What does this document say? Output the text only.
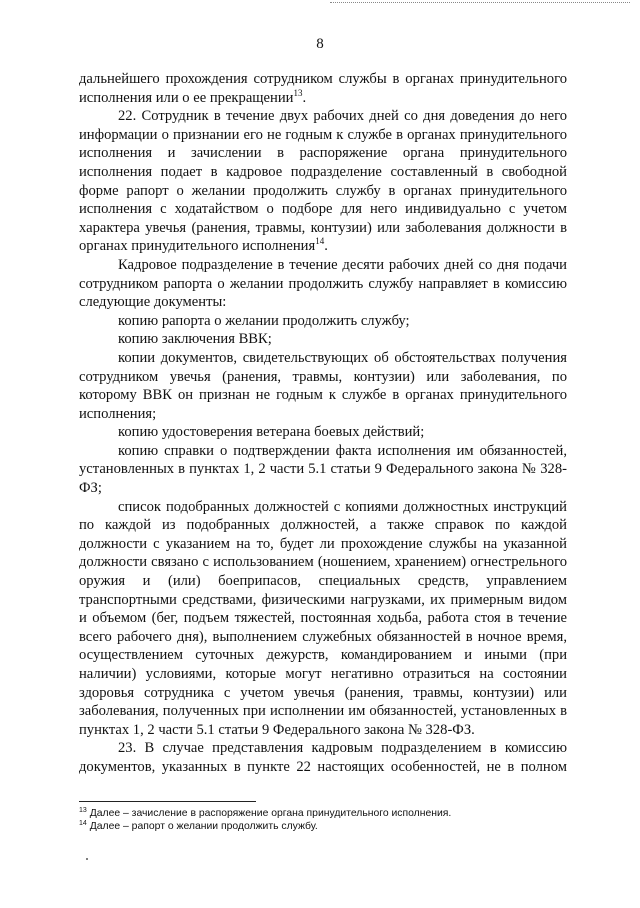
8

дальнейшего прохождения сотрудником службы в органах принудительного исполнения или о ее прекращении$^{13}$.

22. Сотрудник в течение двух рабочих дней со дня доведения до него информации о признании его не годным к службе в органах принудительного исполнения и зачислении в распоряжение органа принудительного исполнения подает в кадровое подразделение составленный в свободной форме рапорт о желании продолжить службу в органах принудительного исполнения с ходатайством о подборе для него индивидуально с учетом характера увечья (ранения, травмы, контузии) или заболевания должности в органах принудительного исполнения$^{14}$.

Кадровое подразделение в течение десяти рабочих дней со дня подачи сотрудником рапорта о желании продолжить службу направляет в комиссию следующие документы:

копию рапорта о желании продолжить службу;

копию заключения ВВК;

копии документов, свидетельствующих об обстоятельствах получения сотрудником увечья (ранения, травмы, контузии) или заболевания, по которому ВВК он признан не годным к службе в органах принудительного исполнения;

копию удостоверения ветерана боевых действий;

копию справки о подтверждении факта исполнения им обязанностей, установленных в пунктах 1, 2 части 5.1 статьи 9 Федерального закона № 328-ФЗ;

список подобранных должностей с копиями должностных инструкций по каждой из подобранных должностей, а также справок по каждой должности с указанием на то, будет ли прохождение службы на указанной должности связано с использованием (ношением, хранением) огнестрельного оружия и (или) боеприпасов, специальных средств, управлением транспортными средствами, физическими нагрузками, их примерным видом и объемом (бег, подъем тяжестей, постоянная ходьба, работа стоя в течение всего рабочего дня), выполнением служебных обязанностей в ночное время, осуществлением суточных дежурств, командированием и иными (при наличии) условиями, которые могут негативно отразиться на состоянии здоровья сотрудника с учетом увечья (ранения, травмы, контузии) или заболевания, полученных при исполнении им обязанностей, установленных в пунктах 1, 2 части 5.1 статьи 9 Федерального закона № 328-ФЗ.

23. В случае представления кадровым подразделением в комиссию документов, указанных в пункте 22 настоящих особенностей, не в полном

$^{13}$ Далее – зачисление в распоряжение органа принудительного исполнения.

$^{14}$ Далее – рапорт о желании продолжить службу.
